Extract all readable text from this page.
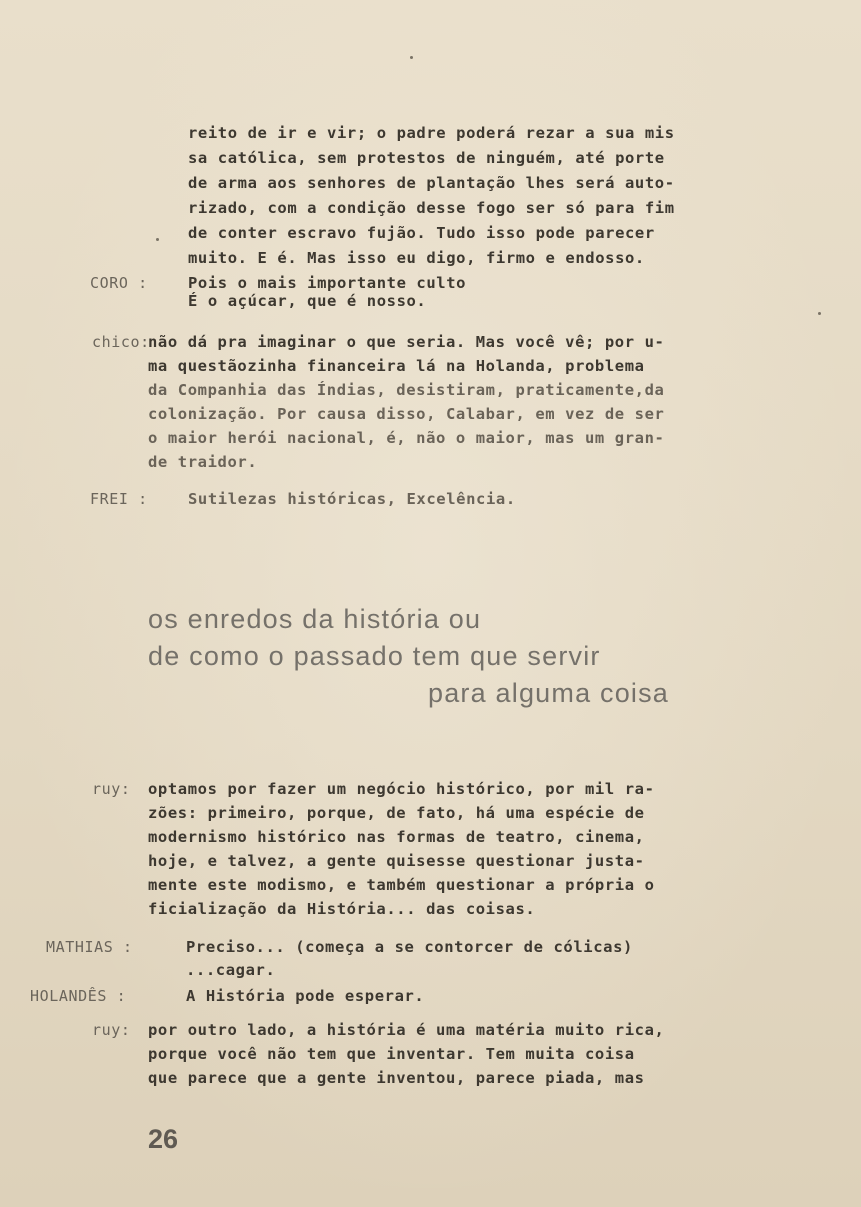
reito de ir e vir; o padre poderá rezar a sua mis
sa católica, sem protestos de ninguém, até porte
de arma aos senhores de plantação lhes será auto-
rizado, com a condição desse fogo ser só para fim
de conter escravo fujão. Tudo isso pode parecer
muito. E é. Mas isso eu digo, firmo e endosso.
CORO :	Pois o mais importante culto
É o açúcar, que é nosso.
chico:
não dá pra imaginar o que seria. Mas você vê; por u-
ma questãozinha financeira lá na Holanda, problema
da Companhia das Índias, desistiram, praticamente,da
colonização. Por causa disso, Calabar, em vez de ser
o maior herói nacional, é, não o maior, mas um gran-
de traidor.
FREI :	Sutilezas históricas, Excelência.
os enredos da história ou
de como o passado tem que servir
para alguma coisa
ruy: optamos por fazer um negócio histórico, por mil ra-
zões: primeiro, porque, de fato, há uma espécie de
modernismo histórico nas formas de teatro, cinema,
hoje, e talvez, a gente quisesse questionar justa-
mente este modismo, e também questionar a própria o
ficialização da História... das coisas.
MATHIAS :	Preciso... (começa a se contorcer de cólicas)
...cagar.
HOLANDÊS :	A História pode esperar.
ruy: por outro lado, a história é uma matéria muito rica,
porque você não tem que inventar. Tem muita coisa
que parece que a gente inventou, parece piada, mas
26
